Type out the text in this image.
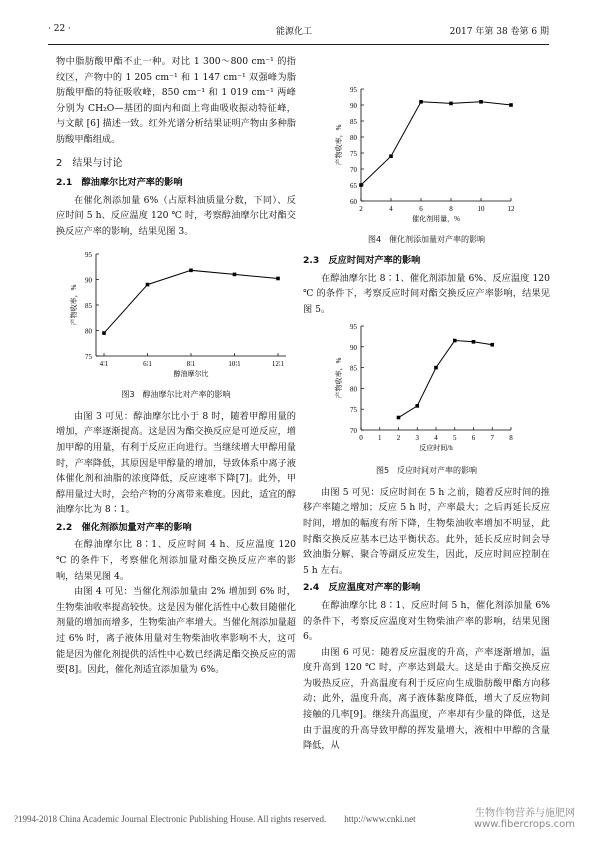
· 22 ·	能源化工	2017 年第 38 卷第 6 期

物中脂肪酸甲酯不止一种。对比 1 300～800 cm⁻¹ 的指纹区，产物中的 1 205 cm⁻¹ 和 1 147 cm⁻¹ 双强峰为脂肪酸甲酯的特征吸收峰，850 cm⁻¹ 和 1 019 cm⁻¹ 两峰分别为 CH₂O—基团的面内和面上弯曲吸收振动特征峰，与文献 [6] 描述一致。红外光谱分析结果证明产物由多种脂肪酸甲酯组成。

2　结果与讨论
2.1　醇油摩尔比对产率的影响

在催化剂添加量 6%（占原料油质量分数，下同）、反应时间 5 h、反应温度 120 ℃ 时，考察醇油摩尔比对酯交换反应产率的影响，结果见图 3。

75
80
85
90
95
4∶1	6∶1	8∶1	10∶1	12∶1
醇油摩尔比
产物收率，%
图3　醇油摩尔比对产率的影响

由图 3 可见：醇油摩尔比小于 8 时，随着甲醇用量的增加，产率逐渐提高。这是因为酯交换反应是可逆反应，增加甲醇的用量，有利于反应正向进行。当继续增大甲醇用量时，产率降低，其原因是甲醇量的增加，导致体系中离子液体催化剂和油脂的浓度降低，反应速率下降[7]。此外，甲醇用量过大时，会给产物的分离带来难度。因此，适宜的醇油摩尔比为 8∶1。

2.2　催化剂添加量对产率的影响

在醇油摩尔比 8∶1、反应时间 4 h、反应温度 120 ℃ 的条件下，考察催化剂添加量对酯交换反应产率的影响，结果见图 4。

由图 4 可见：当催化剂添加量由 2% 增加到 6% 时，生物柴油收率提高较快。这是因为催化活性中心数目随催化剂量的增加而增多，生物柴油产率增大。当催化剂添加量超过 6% 时，离子液体用量对生物柴油收率影响不大，这可能是因为催化剂提供的活性中心数已经满足酯交换反应的需要[8]。因此，催化剂适宜添加量为 6%。

60
65
70
75
80
85
90
95
2	4	6	8	10	12
催化剂用量，%
产物收率，%
图4　催化剂添加量对产率的影响
2.3　反应时间对产率的影响

在醇油摩尔比 8∶1、催化剂添加量 6%、反应温度 120 ℃ 的条件下，考察反应时间对酯交换反应产率影响，结果见图 5。

70
75
80
85
90
95
0 1 2 3 4 5 6 7 8
反应时间/h
产物收率，%
图5　反应时间对产率的影响

由图 5 可见：反应时间在 5 h 之前，随着反应时间的推移产率随之增加；反应 5 h 时，产率最大；之后再延长反应时间，增加的幅度有所下降，生物柴油收率增加不明显，此时酯交换反应基本已达平衡状态。此外，延长反应时间会导致油脂分解、聚合等副反应发生，因此，反应时间应控制在 5 h 左右。

2.4　反应温度对产率的影响

在醇油摩尔比 8∶1、反应时间 5 h，催化剂添加量 6% 的条件下，考察反应温度对生物柴油产率的影响，结果见图 6。

由图 6 可见：随着反应温度的升高，产率逐渐增加，温度升高到 120 ℃ 时，产率达到最大。这是由于酯交换反应为吸热反应，升高温度有利于反应向生成脂肪酸甲酯方向移动；此外，温度升高，离子液体黏度降低，增大了反应物间接触的几率[9]。继续升高温度，产率却有少量的降低，这是由于温度的升高导致甲醇的挥发量增大，液相中甲醇的含量降低，从

?1994-2018 China Academic Journal Electronic Publishing House. All rights reserved.　　http://www.cnki.net	生物作物营养与施肥网
www.fibercrops.com
